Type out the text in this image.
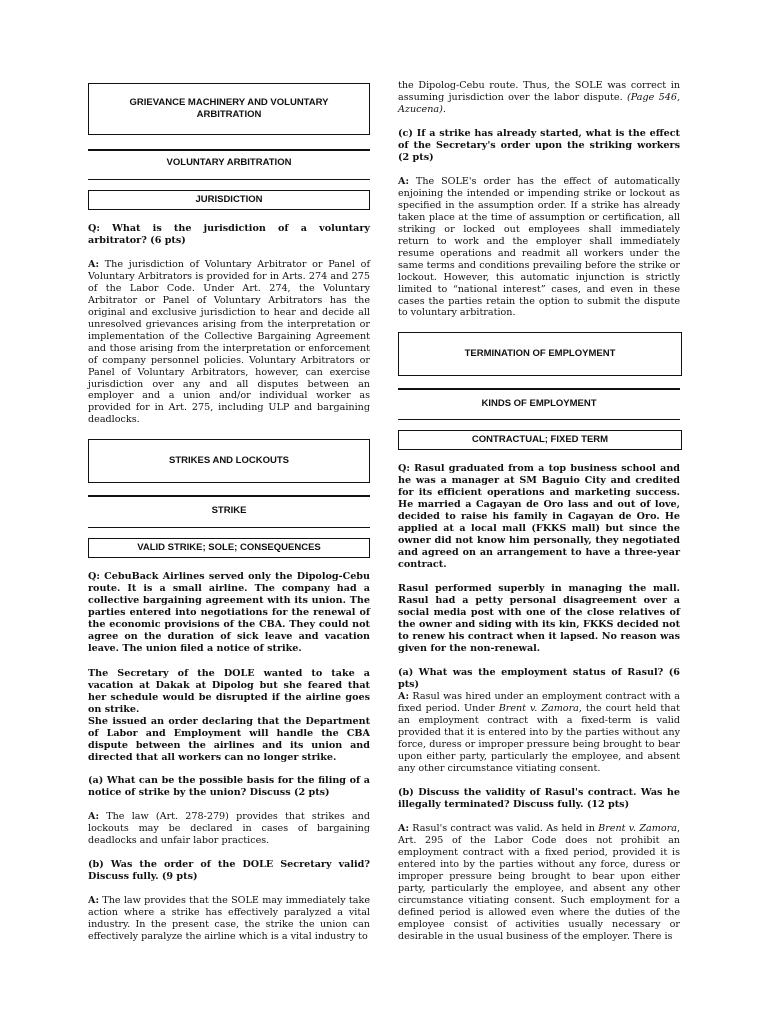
GRIEVANCE MACHINERY AND VOLUNTARY ARBITRATION
VOLUNTARY ARBITRATION
JURISDICTION

Q: What is the jurisdiction of a voluntary arbitrator? (6 pts)

A: The jurisdiction of Voluntary Arbitrator or Panel of Voluntary Arbitrators is provided for in Arts. 274 and 275 of the Labor Code. Under Art. 274, the Voluntary Arbitrator or Panel of Voluntary Arbitrators has the original and exclusive jurisdiction to hear and decide all unresolved grievances arising from the interpretation or implementation of the Collective Bargaining Agreement and those arising from the interpretation or enforcement of company personnel policies. Voluntary Arbitrators or Panel of Voluntary Arbitrators, however, can exercise jurisdiction over any and all disputes between an employer and a union and/or individual worker as provided for in Art. 275, including ULP and bargaining deadlocks.

STRIKES AND LOCKOUTS
STRIKE
VALID STRIKE; SOLE; CONSEQUENCES

Q: CebuBack Airlines served only the Dipolog-Cebu route. It is a small airline. The company had a collective bargaining agreement with its union. The parties entered into negotiations for the renewal of the economic provisions of the CBA. They could not agree on the duration of sick leave and vacation leave. The union filed a notice of strike.

The Secretary of the DOLE wanted to take a vacation at Dakak at Dipolog but she feared that her schedule would be disrupted if the airline goes on strike.

She issued an order declaring that the Department of Labor and Employment will handle the CBA dispute between the airlines and its union and directed that all workers can no longer strike.

(a) What can be the possible basis for the filing of a notice of strike by the union? Discuss (2 pts)

A: The law (Art. 278-279) provides that strikes and lockouts may be declared in cases of bargaining deadlocks and unfair labor practices.

(b) Was the order of the DOLE Secretary valid? Discuss fully. (9 pts)

A: The law provides that the SOLE may immediately take action where a strike has effectively paralyzed a vital industry. In the present case, the strike the union can effectively paralyze the airline which is a vital industry to

the Dipolog-Cebu route. Thus, the SOLE was correct in assuming jurisdiction over the labor dispute. (Page 546, Azucena).

(c) If a strike has already started, what is the effect of the Secretary's order upon the striking workers (2 pts)

A: The SOLE's order has the effect of automatically enjoining the intended or impending strike or lockout as specified in the assumption order. If a strike has already taken place at the time of assumption or certification, all striking or locked out employees shall immediately return to work and the employer shall immediately resume operations and readmit all workers under the same terms and conditions prevailing before the strike or lockout. However, this automatic injunction is strictly limited to “national interest” cases, and even in these cases the parties retain the option to submit the dispute to voluntary arbitration.

TERMINATION OF EMPLOYMENT
KINDS OF EMPLOYMENT
CONTRACTUAL; FIXED TERM

Q: Rasul graduated from a top business school and he was a manager at SM Baguio City and credited for its efficient operations and marketing success. He married a Cagayan de Oro lass and out of love, decided to raise his family in Cagayan de Oro. He applied at a local mall (FKKS mall) but since the owner did not know him personally, they negotiated and agreed on an arrangement to have a three-year contract.

Rasul performed superbly in managing the mall. Rasul had a petty personal disagreement over a social media post with one of the close relatives of the owner and siding with its kin, FKKS decided not to renew his contract when it lapsed. No reason was given for the non-renewal.

(a) What was the employment status of Rasul? (6 pts)

A: Rasul was hired under an employment contract with a fixed period. Under Brent v. Zamora, the court held that an employment contract with a fixed-term is valid provided that it is entered into by the parties without any force, duress or improper pressure being brought to bear upon either party, particularly the employee, and absent any other circumstance vitiating consent.

(b) Discuss the validity of Rasul's contract. Was he illegally terminated? Discuss fully. (12 pts)

A: Rasul's contract was valid. As held in Brent v. Zamora, Art. 295 of the Labor Code does not prohibit an employment contract with a fixed period, provided it is entered into by the parties without any force, duress or improper pressure being brought to bear upon either party, particularly the employee, and absent any other circumstance vitiating consent. Such employment for a defined period is allowed even where the duties of the employee consist of activities usually necessary or desirable in the usual business of the employer. There is
